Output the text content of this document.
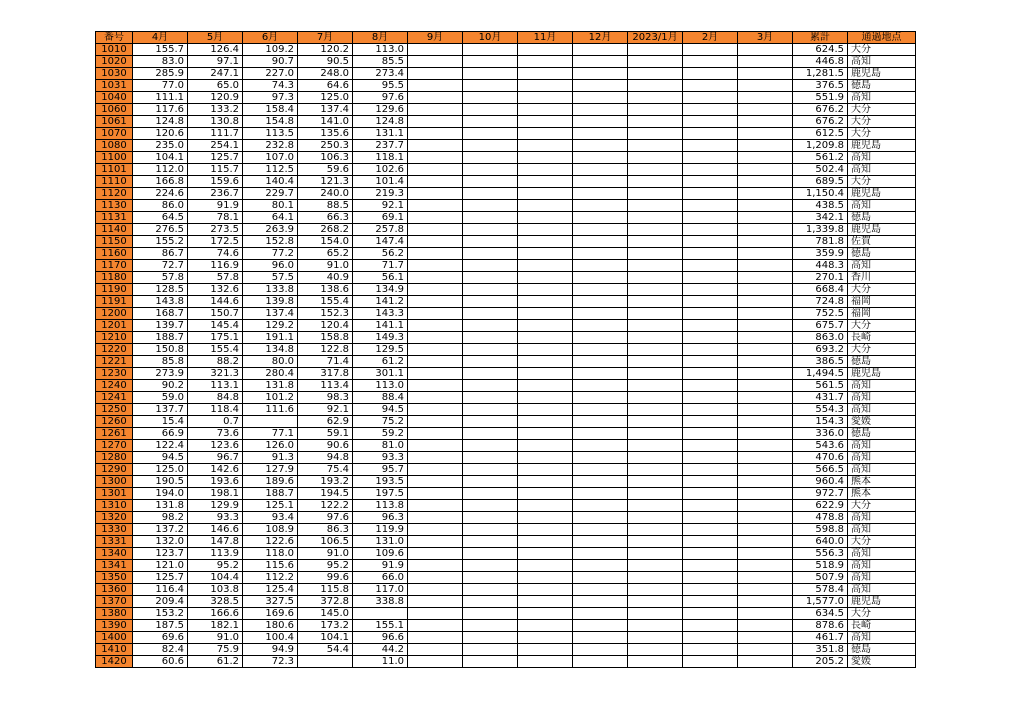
番号	4月	5月	6月	7月	8月	9月	10月	11月	12月	2023/1月	2月	3月	累計	通過地点
1010	155.7	126.4	109.2	120.2	113.0								624.5	大分
1020	83.0	97.1	90.7	90.5	85.5								446.8	高知
1030	285.9	247.1	227.0	248.0	273.4								1,281.5	鹿児島
1031	77.0	65.0	74.3	64.6	95.5								376.5	徳島
1040	111.1	120.9	97.3	125.0	97.6								551.9	高知
1060	117.6	133.2	158.4	137.4	129.6								676.2	大分
1061	124.8	130.8	154.8	141.0	124.8								676.2	大分
1070	120.6	111.7	113.5	135.6	131.1								612.5	大分
1080	235.0	254.1	232.8	250.3	237.7								1,209.8	鹿児島
1100	104.1	125.7	107.0	106.3	118.1								561.2	高知
1101	112.0	115.7	112.5	59.6	102.6								502.4	高知
1110	166.8	159.6	140.4	121.3	101.4								689.5	大分
1120	224.6	236.7	229.7	240.0	219.3								1,150.4	鹿児島
1130	86.0	91.9	80.1	88.5	92.1								438.5	高知
1131	64.5	78.1	64.1	66.3	69.1								342.1	徳島
1140	276.5	273.5	263.9	268.2	257.8								1,339.8	鹿児島
1150	155.2	172.5	152.8	154.0	147.4								781.8	佐賀
1160	86.7	74.6	77.2	65.2	56.2								359.9	徳島
1170	72.7	116.9	96.0	91.0	71.7								448.3	高知
1180	57.8	57.8	57.5	40.9	56.1								270.1	香川
1190	128.5	132.6	133.8	138.6	134.9								668.4	大分
1191	143.8	144.6	139.8	155.4	141.2								724.8	福岡
1200	168.7	150.7	137.4	152.3	143.3								752.5	福岡
1201	139.7	145.4	129.2	120.4	141.1								675.7	大分
1210	188.7	175.1	191.1	158.8	149.3								863.0	長崎
1220	150.8	155.4	134.8	122.8	129.5								693.2	大分
1221	85.8	88.2	80.0	71.4	61.2								386.5	徳島
1230	273.9	321.3	280.4	317.8	301.1								1,494.5	鹿児島
1240	90.2	113.1	131.8	113.4	113.0								561.5	高知
1241	59.0	84.8	101.2	98.3	88.4								431.7	高知
1250	137.7	118.4	111.6	92.1	94.5								554.3	高知
1260	15.4	0.7		62.9	75.2								154.3	愛媛
1261	66.9	73.6	77.1	59.1	59.2								336.0	徳島
1270	122.4	123.6	126.0	90.6	81.0								543.6	高知
1280	94.5	96.7	91.3	94.8	93.3								470.6	高知
1290	125.0	142.6	127.9	75.4	95.7								566.5	高知
1300	190.5	193.6	189.6	193.2	193.5								960.4	熊本
1301	194.0	198.1	188.7	194.5	197.5								972.7	熊本
1310	131.8	129.9	125.1	122.2	113.8								622.9	大分
1320	98.2	93.3	93.4	97.6	96.3								478.8	高知
1330	137.2	146.6	108.9	86.3	119.9								598.8	高知
1331	132.0	147.8	122.6	106.5	131.0								640.0	大分
1340	123.7	113.9	118.0	91.0	109.6								556.3	高知
1341	121.0	95.2	115.6	95.2	91.9								518.9	高知
1350	125.7	104.4	112.2	99.6	66.0								507.9	高知
1360	116.4	103.8	125.4	115.8	117.0								578.4	高知
1370	209.4	328.5	327.5	372.8	338.8								1,577.0	鹿児島
1380	153.2	166.6	169.6	145.0									634.5	大分
1390	187.5	182.1	180.6	173.2	155.1								878.6	長崎
1400	69.6	91.0	100.4	104.1	96.6								461.7	高知
1410	82.4	75.9	94.9	54.4	44.2								351.8	徳島
1420	60.6	61.2	72.3		11.0								205.2	愛媛
